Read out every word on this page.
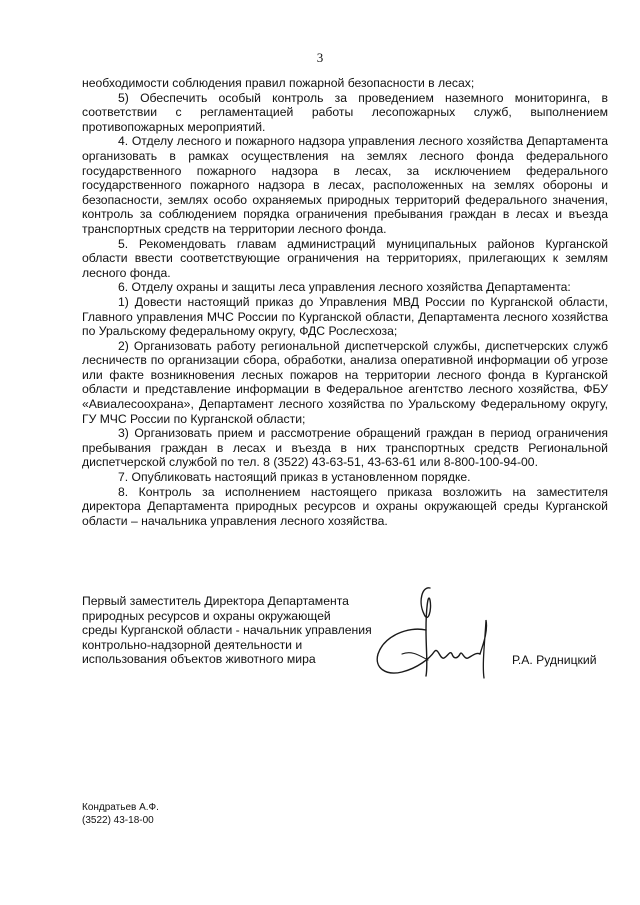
3

необходимости соблюдения правил пожарной безопасности в лесах;

5) Обеспечить особый контроль за проведением наземного мониторинга, в соответствии с регламентацией работы лесопожарных служб, выполнением противопожарных мероприятий.

4. Отделу лесного и пожарного надзора управления лесного хозяйства Департамента организовать в рамках осуществления на землях лесного фонда федерального государственного пожарного надзора в лесах, за исключением федерального государственного пожарного надзора в лесах, расположенных на землях обороны и безопасности, землях особо охраняемых природных территорий федерального значения, контроль за соблюдением порядка ограничения пребывания граждан в лесах и въезда транспортных средств на территории лесного фонда.

5. Рекомендовать главам администраций муниципальных районов Курганской области ввести соответствующие ограничения на территориях, прилегающих к землям лесного фонда.

6. Отделу охраны и защиты леса управления лесного хозяйства Департамента:

1) Довести настоящий приказ до Управления МВД России по Курганской области, Главного управления МЧС России по Курганской области, Департамента лесного хозяйства по Уральскому федеральному округу, ФДС Рослесхоза;

2) Организовать работу региональной диспетчерской службы, диспетчерских служб лесничеств по организации сбора, обработки, анализа оперативной информации об угрозе или факте возникновения лесных пожаров на территории лесного фонда в Курганской области и представление информации в Федеральное агентство лесного хозяйства, ФБУ «Авиалесоохрана», Департамент лесного хозяйства по Уральскому Федеральному округу, ГУ МЧС России по Курганской области;

3) Организовать прием и рассмотрение обращений граждан в период ограничения пребывания граждан в лесах и въезда в них транспортных средств Региональной диспетчерской службой по тел. 8 (3522) 43-63-51, 43-63-61 или 8-800-100-94-00.

7. Опубликовать настоящий приказ в установленном порядке.

8. Контроль за исполнением настоящего приказа возложить на заместителя директора Департамента природных ресурсов и охраны окружающей среды Курганской области – начальника управления лесного хозяйства.

Первый заместитель Директора Департамента
природных ресурсов и охраны окружающей
среды Курганской области - начальник управления
контрольно-надзорной деятельности и
использования объектов животного мира	Р.А. Рудницкий
Кондратьев А.Ф.
(3522) 43-18-00
